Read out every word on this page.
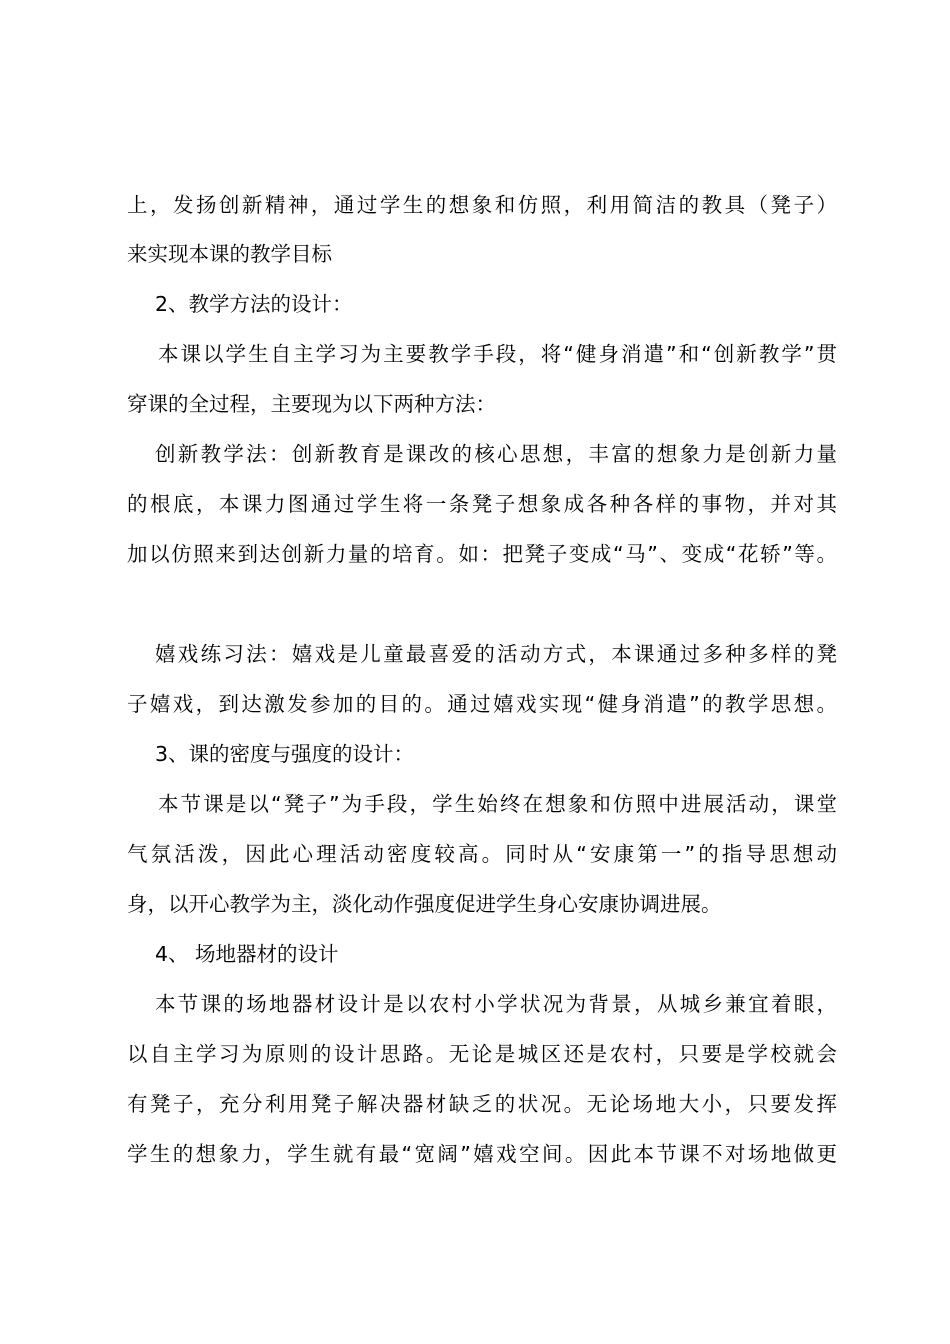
上，发扬创新精神，通过学生的想象和仿照，利用简洁的教具（凳子）
来实现本课的教学目标
2、教学方法的设计：
本课以学生自主学习为主要教学手段，将“健身消遣”和“创新教学”贯
穿课的全过程，主要现为以下两种方法：
创新教学法：创新教育是课改的核心思想，丰富的想象力是创新力量
的根底，本课力图通过学生将一条凳子想象成各种各样的事物，并对其
加以仿照来到达创新力量的培育。如：把凳子变成“马”、变成“花轿”等。
嬉戏练习法：嬉戏是儿童最喜爱的活动方式，本课通过多种多样的凳
子嬉戏，到达激发参加的目的。通过嬉戏实现“健身消遣”的教学思想。
3、课的密度与强度的设计：
本节课是以“凳子”为手段，学生始终在想象和仿照中进展活动，课堂
气氛活泼，因此心理活动密度较高。同时从“安康第一”的指导思想动
身，以开心教学为主，淡化动作强度促进学生身心安康协调进展。
4、 场地器材的设计
本节课的场地器材设计是以农村小学状况为背景，从城乡兼宜着眼，
以自主学习为原则的设计思路。无论是城区还是农村，只要是学校就会
有凳子，充分利用凳子解决器材缺乏的状况。无论场地大小，只要发挥
学生的想象力，学生就有最“宽阔”嬉戏空间。因此本节课不对场地做更
